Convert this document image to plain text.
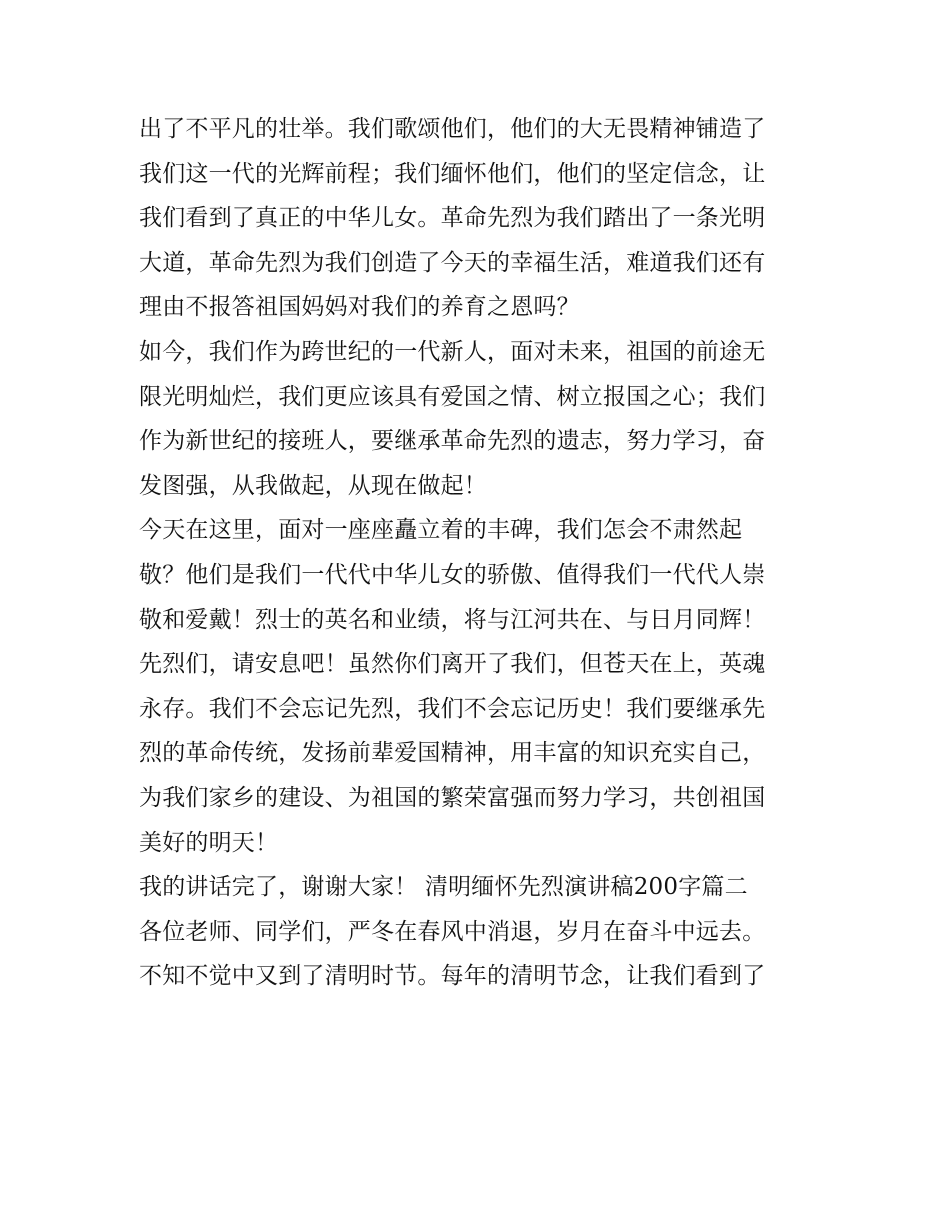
出了不平凡的壮举。我们歌颂他们，他们的大无畏精神铺造了
我们这一代的光辉前程；我们缅怀他们，他们的坚定信念，让
我们看到了真正的中华儿女。革命先烈为我们踏出了一条光明
大道，革命先烈为我们创造了今天的幸福生活，难道我们还有
理由不报答祖国妈妈对我们的养育之恩吗？
如今，我们作为跨世纪的一代新人，面对未来，祖国的前途无
限光明灿烂，我们更应该具有爱国之情、树立报国之心；我们
作为新世纪的接班人，要继承革命先烈的遗志，努力学习，奋
发图强，从我做起，从现在做起！
今天在这里，面对一座座矗立着的丰碑，我们怎会不肃然起
敬？他们是我们一代代中华儿女的骄傲、值得我们一代代人崇
敬和爱戴！烈士的英名和业绩，将与江河共在、与日月同辉！
先烈们，请安息吧！虽然你们离开了我们，但苍天在上，英魂
永存。我们不会忘记先烈，我们不会忘记历史！我们要继承先
烈的革命传统，发扬前辈爱国精神，用丰富的知识充实自己，
为我们家乡的建设、为祖国的繁荣富强而努力学习，共创祖国
美好的明天！
我的讲话完了，谢谢大家！ 清明缅怀先烈演讲稿200字篇二
各位老师、同学们，严冬在春风中消退，岁月在奋斗中远去。
不知不觉中又到了清明时节。每年的清明节念，让我们看到了
